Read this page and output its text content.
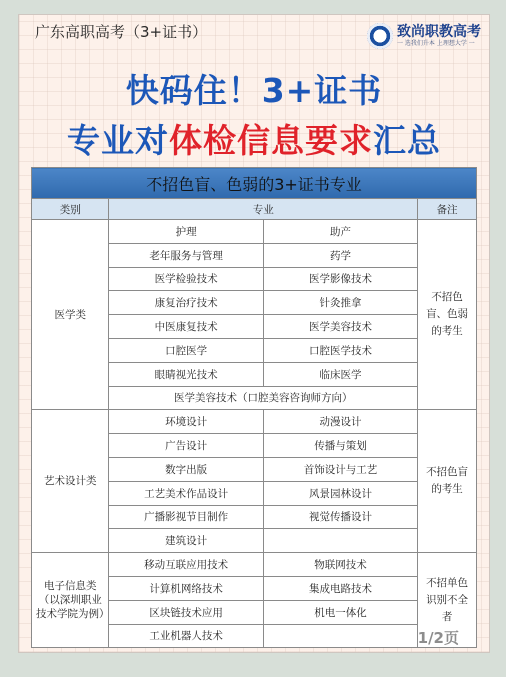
广东高职高考（3+证书）	致尚职教高考
一 选我们升本 上理想大学 一
快码住！3+证书
专业对体检信息要求汇总
不招色盲、色弱的3+证书专业			
类别	专业		备注
医学类	护理	助产	不招色盲、色弱的考生
	老年服务与管理	药学	
	医学检验技术	医学影像技术	
	康复治疗技术	针灸推拿	
	中医康复技术	医学美容技术	
	口腔医学	口腔医学技术	
	眼睛视光技术	临床医学	
	医学美容技术（口腔美容咨询师方向）		
艺术设计类	环境设计	动漫设计	不招色盲的考生
	广告设计	传播与策划	
	数字出版	首饰设计与工艺	
	工艺美术作品设计	风景园林设计	
	广播影视节目制作	视觉传播设计	
	建筑设计		
电子信息类（以深圳职业技术学院为例）	移动互联应用技术	物联网技术	不招单色识别不全者
	计算机网络技术	集成电路技术	
	区块链技术应用	机电一体化	
	工业机器人技术			1/2页
